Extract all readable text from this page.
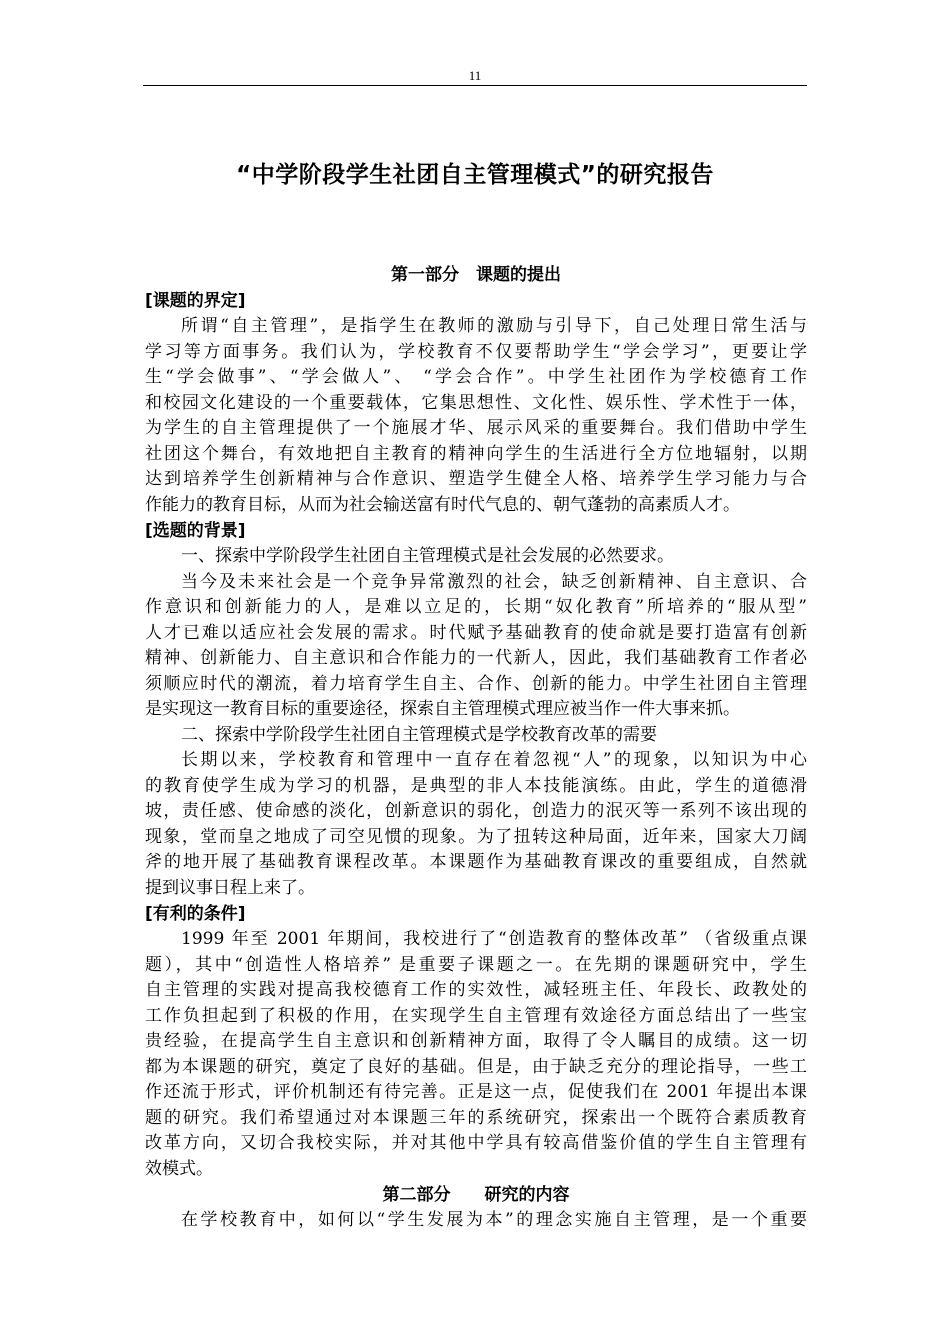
11
“中学阶段学生社团自主管理模式”的研究报告
第一部分　课题的提出
[课题的界定]
所谓“自主管理”，是指学生在教师的激励与引导下，自己处理日常生活与
学习等方面事务。我们认为，学校教育不仅要帮助学生“学会学习”，更要让学
生“学会做事”、“学会做人”、 “学会合作”。中学生社团作为学校德育工作
和校园文化建设的一个重要载体，它集思想性、文化性、娱乐性、学术性于一体，
为学生的自主管理提供了一个施展才华、展示风采的重要舞台。我们借助中学生
社团这个舞台，有效地把自主教育的精神向学生的生活进行全方位地辐射，以期
达到培养学生创新精神与合作意识、塑造学生健全人格、培养学生学习能力与合
作能力的教育目标，从而为社会输送富有时代气息的、朝气蓬勃的高素质人才。
[选题的背景]
一、探索中学阶段学生社团自主管理模式是社会发展的必然要求。
当今及未来社会是一个竞争异常激烈的社会，缺乏创新精神、自主意识、合
作意识和创新能力的人，是难以立足的，长期“奴化教育”所培养的“服从型”
人才已难以适应社会发展的需求。时代赋予基础教育的使命就是要打造富有创新
精神、创新能力、自主意识和合作能力的一代新人，因此，我们基础教育工作者必
须顺应时代的潮流，着力培育学生自主、合作、创新的能力。中学生社团自主管理
是实现这一教育目标的重要途径，探索自主管理模式理应被当作一件大事来抓。
二、探索中学阶段学生社团自主管理模式是学校教育改革的需要
长期以来，学校教育和管理中一直存在着忽视“人”的现象，以知识为中心
的教育使学生成为学习的机器，是典型的非人本技能演练。由此，学生的道德滑
坡，责任感、使命感的淡化，创新意识的弱化，创造力的泯灭等一系列不该出现的
现象，堂而皇之地成了司空见惯的现象。为了扭转这种局面，近年来，国家大刀阔
斧的地开展了基础教育课程改革。本课题作为基础教育课改的重要组成，自然就
提到议事日程上来了。
[有利的条件]
1999 年至 2001 年期间，我校进行了“创造教育的整体改革” （省级重点课
题），其中“创造性人格培养” 是重要子课题之一。在先期的课题研究中，学生
自主管理的实践对提高我校德育工作的实效性，减轻班主任、年段长、政教处的
工作负担起到了积极的作用，在实现学生自主管理有效途径方面总结出了一些宝
贵经验，在提高学生自主意识和创新精神方面，取得了令人瞩目的成绩。这一切
都为本课题的研究，奠定了良好的基础。但是，由于缺乏充分的理论指导，一些工
作还流于形式，评价机制还有待完善。正是这一点，促使我们在 2001 年提出本课
题的研究。我们希望通过对本课题三年的系统研究，探索出一个既符合素质教育
改革方向，又切合我校实际，并对其他中学具有较高借鉴价值的学生自主管理有
效模式。
第二部分　　研究的内容
在学校教育中，如何以“学生发展为本”的理念实施自主管理，是一个重要
